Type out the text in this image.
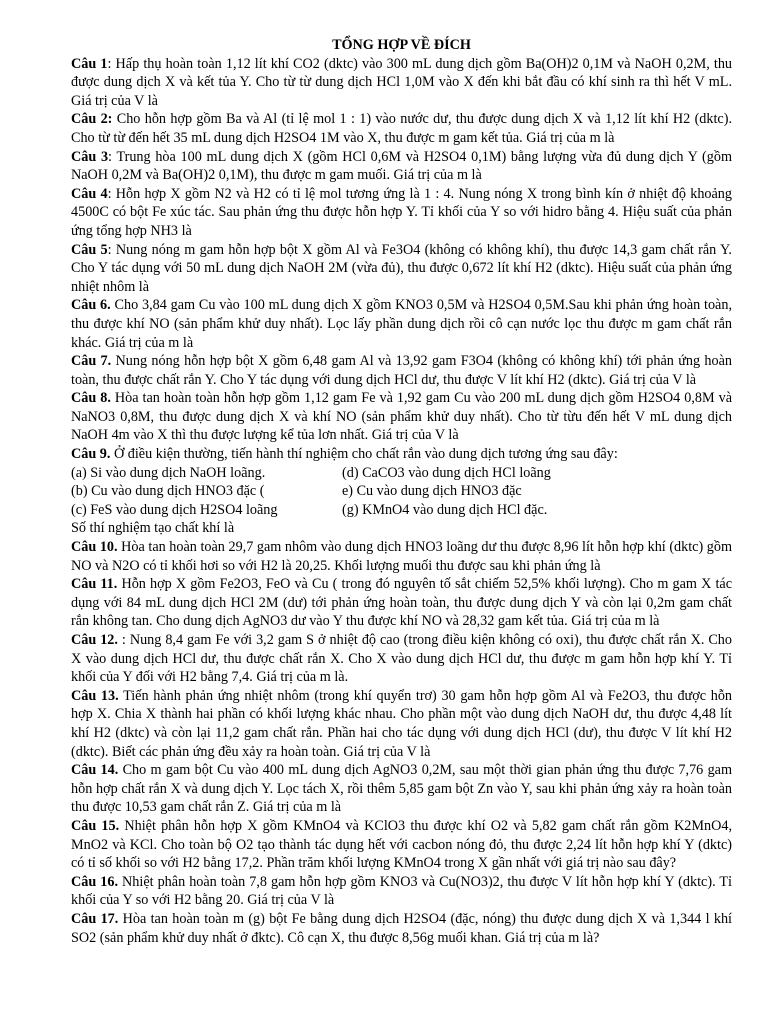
TỔNG HỢP VỀ ĐÍCH

Câu 1: Hấp thụ hoàn toàn 1,12 lít khí CO2 (dktc) vào 300 mL dung dịch gồm Ba(OH)2 0,1M và NaOH 0,2M, thu được dung dịch X và kết tủa Y. Cho từ từ dung dịch HCl 1,0M vào X đến khi bắt đầu có khí sinh ra thì hết V mL. Giá trị của V là

Câu 2: Cho hỗn hợp gồm Ba và Al (tỉ lệ mol 1 : 1) vào nước dư, thu được dung dịch X và 1,12 lít khí H2 (dktc). Cho từ từ đến hết 35 mL dung dịch H2SO4 1M vào X, thu được m gam kết tủa. Giá trị của m là

Câu 3: Trung hòa 100 mL dung dịch X (gồm HCl 0,6M và H2SO4 0,1M) bằng lượng vừa đủ dung dịch Y (gồm NaOH 0,2M và Ba(OH)2 0,1M), thu được m gam muối. Giá trị của m là

Câu 4: Hỗn hợp X gồm N2 và H2 có tỉ lệ mol tương ứng là 1 : 4. Nung nóng X trong bình kín ở nhiệt độ khoảng 4500C có bột Fe xúc tác. Sau phản ứng thu được hỗn hợp Y. Tỉ khối của Y so với hidro bằng 4. Hiệu suất của phản ứng tổng hợp NH3 là

Câu 5: Nung nóng m gam hỗn hợp bột X gồm Al và Fe3O4 (không có không khí), thu được 14,3 gam chất rắn Y. Cho Y tác dụng với 50 mL dung dịch NaOH 2M (vừa đủ), thu được 0,672 lít khí H2 (dktc). Hiệu suất của phản ứng nhiệt nhôm là

Câu 6. Cho 3,84 gam Cu vào 100 mL dung dịch X gồm KNO3 0,5M và H2SO4 0,5M.Sau khi phản ứng hoàn toàn, thu được khí NO (sản phẩm khử duy nhất). Lọc lấy phần dung dịch rồi cô cạn nước lọc thu được m gam chất rắn khác. Giá trị của m là

Câu 7. Nung nóng hỗn hợp bột X gồm 6,48 gam Al và 13,92 gam F3O4 (không có không khí) tới phản ứng hoàn toàn, thu được chất rắn Y. Cho Y tác dụng với dung dịch HCl dư, thu được V lít khí H2 (dktc). Giá trị của V là

Câu 8. Hòa tan hoàn toàn hỗn hợp gồm 1,12 gam Fe và 1,92 gam Cu vào 200 mL dung dịch gồm H2SO4 0,8M và NaNO3 0,8M, thu được dung dịch X và khí NO (sản phẩm khử duy nhất). Cho từ từu đến hết V mL dung dịch NaOH 4m vào X thì thu được lượng kể tủa lơn nhất. Giá trị của V là

Câu 9. Ở điều kiện thường, tiến hành thí nghiệm cho chất rắn vào dung dịch tương ứng sau đây:

(a) Si vào dung dịch NaOH loãng.	(d) CaCO3 vào dung dịch HCl loãng
(b) Cu vào dung dịch HNO3 đặc (	e) Cu vào dung dịch HNO3 đặc
(c) FeS vào dung dịch H2SO4 loãng	(g) KMnO4 vào dung dịch HCl đặc.

Số thí nghiệm tạo chất khí là

Câu 10. Hòa tan hoàn toàn 29,7 gam nhôm vào dung dịch HNO3 loãng dư thu được 8,96 lít hỗn hợp khí (dktc) gồm NO và N2O có tỉ khối hơi so với H2 là 20,25. Khối lượng muối thu được sau khi phản ứng là

Câu 11. Hỗn hợp X gồm Fe2O3, FeO và Cu ( trong đó nguyên tố sắt chiếm 52,5% khối lượng). Cho m gam X tác dụng với 84 mL dung dịch HCl 2M (dư) tới phản ứng hoàn toàn, thu được dung dịch Y và còn lại 0,2m gam chất rắn không tan. Cho dung dịch AgNO3 dư vào Y thu được khí NO và 28,32 gam kết tủa. Giá trị của m là

Câu 12. : Nung 8,4 gam Fe với 3,2 gam S ở nhiệt độ cao (trong điều kiện không có oxi), thu được chất rắn X. Cho X vào dung dịch HCl dư, thu được chất rắn X. Cho X vào dung dịch HCl dư, thu được m gam hỗn hợp khí Y. Tỉ khối của Y đối với H2 bằng 7,4. Giá trị của m là.

Câu 13. Tiến hành phản ứng nhiệt nhôm (trong khí quyển trơ) 30 gam hỗn hợp gồm Al và Fe2O3, thu được hỗn hợp X. Chia X thành hai phần có khối lượng khác nhau. Cho phần một vào dung dịch NaOH dư, thu được 4,48 lít khí H2 (dktc) và còn lại 11,2 gam chất rắn. Phần hai cho tác dụng với dung dịch HCl (dư), thu được V lít khí H2 (dktc). Biết các phản ứng đều xảy ra hoàn toàn. Giá trị của V là

Câu 14. Cho m gam bột Cu vào 400 mL dung dịch AgNO3 0,2M, sau một thời gian phản ứng thu được 7,76 gam hỗn hợp chất rắn X và dung dịch Y. Lọc tách X, rồi thêm 5,85 gam bột Zn vào Y, sau khi phản ứng xảy ra hoàn toàn thu được 10,53 gam chất rắn Z. Giá trị của m là

Câu 15. Nhiệt phân hỗn hợp X gồm KMnO4 và KClO3 thu được khí O2 và 5,82 gam chất rắn gồm K2MnO4, MnO2 và KCl. Cho toàn bộ O2 tạo thành tác dụng hết với cacbon nóng đỏ, thu được 2,24 lít hỗn hợp khí Y (dktc) có tỉ số khối so với H2 bằng 17,2. Phần trăm khối lượng KMnO4 trong X gần nhất với giá trị nào sau đây?

Câu 16. Nhiệt phân hoàn toàn 7,8 gam hỗn hợp gồm KNO3 và Cu(NO3)2, thu được V lít hỗn hợp khí Y (dktc). Tỉ khối của Y so với H2 bằng 20. Giá trị của V là

Câu 17. Hòa tan hoàn toàn m (g) bột Fe bằng dung dịch H2SO4 (đặc, nóng) thu được dung dịch X và 1,344 l khí SO2 (sản phẩm khử duy nhất ở đktc). Cô cạn X, thu được 8,56g muối khan. Giá trị của m là?
